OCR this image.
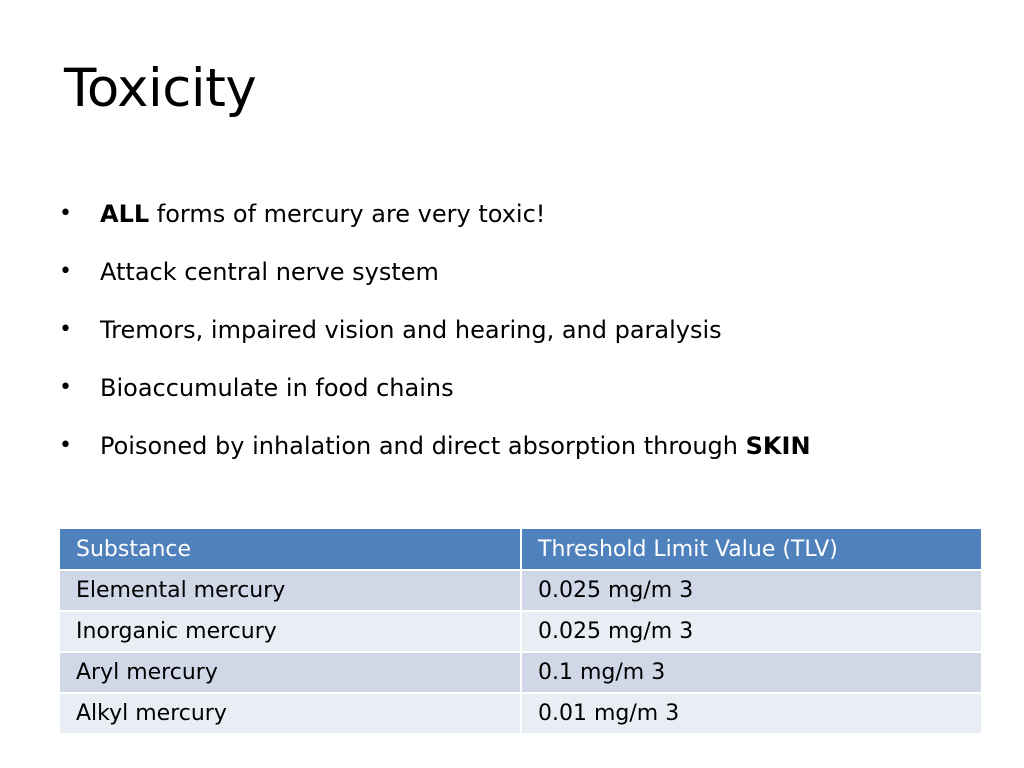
Toxicity
• ALL forms of mercury are very toxic!
• Attack central nerve system
• Tremors, impaired vision and hearing, and paralysis
• Bioaccumulate in food chains
• Poisoned by inhalation and direct absorption through SKIN
Substance	Threshold Limit Value (TLV)
Elemental mercury	0.025 mg/m 3
Inorganic mercury	0.025 mg/m 3
Aryl mercury	0.1 mg/m 3
Alkyl mercury	0.01 mg/m 3
